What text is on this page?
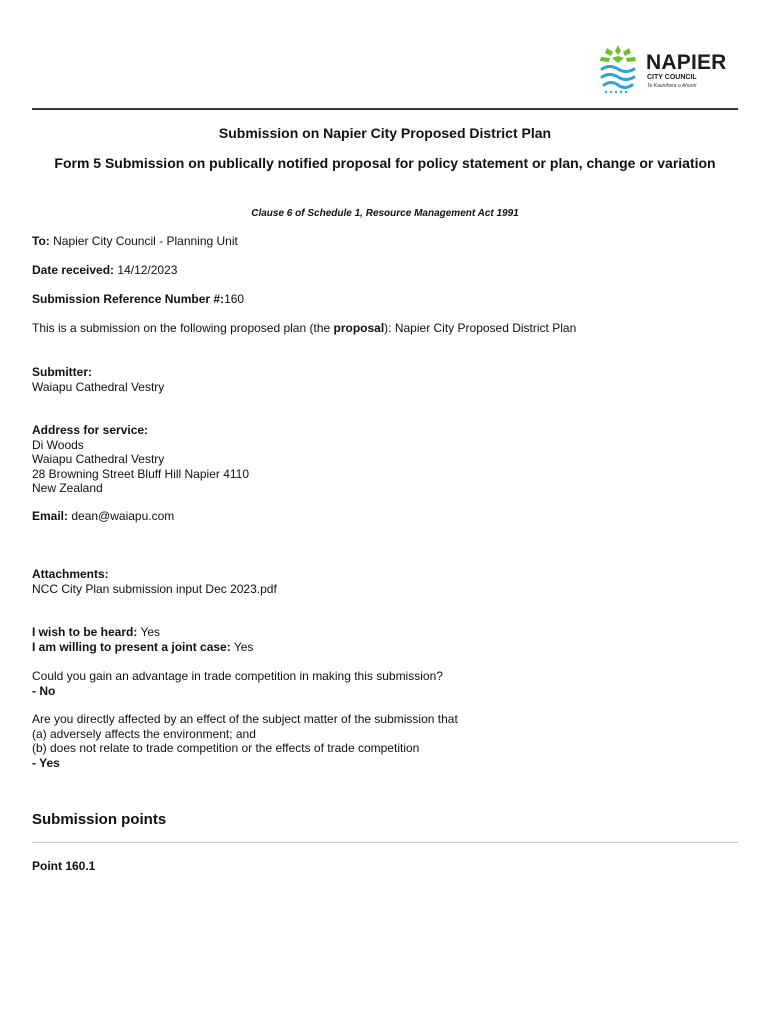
NAPIER
CITY COUNCIL
Te Kaunihera o Ahuriri
Submission on Napier City Proposed District Plan
Form 5 Submission on publically notified proposal for policy statement or plan, change or variation
Clause 6 of Schedule 1, Resource Management Act 1991
To: Napier City Council - Planning Unit
Date received: 14/12/2023
Submission Reference Number #:160
This is a submission on the following proposed plan (the proposal): Napier City Proposed District Plan
Submitter:
Waiapu Cathedral Vestry
Address for service:
Di Woods
Waiapu Cathedral Vestry
28 Browning Street Bluff Hill Napier 4110
New Zealand
Email: dean@waiapu.com
Attachments:
NCC City Plan submission input Dec 2023.pdf
I wish to be heard: Yes
I am willing to present a joint case: Yes
Could you gain an advantage in trade competition in making this submission?
- No
Are you directly affected by an effect of the subject matter of the submission that
(a) adversely affects the environment; and
(b) does not relate to trade competition or the effects of trade competition
- Yes
Submission points
Point 160.1
